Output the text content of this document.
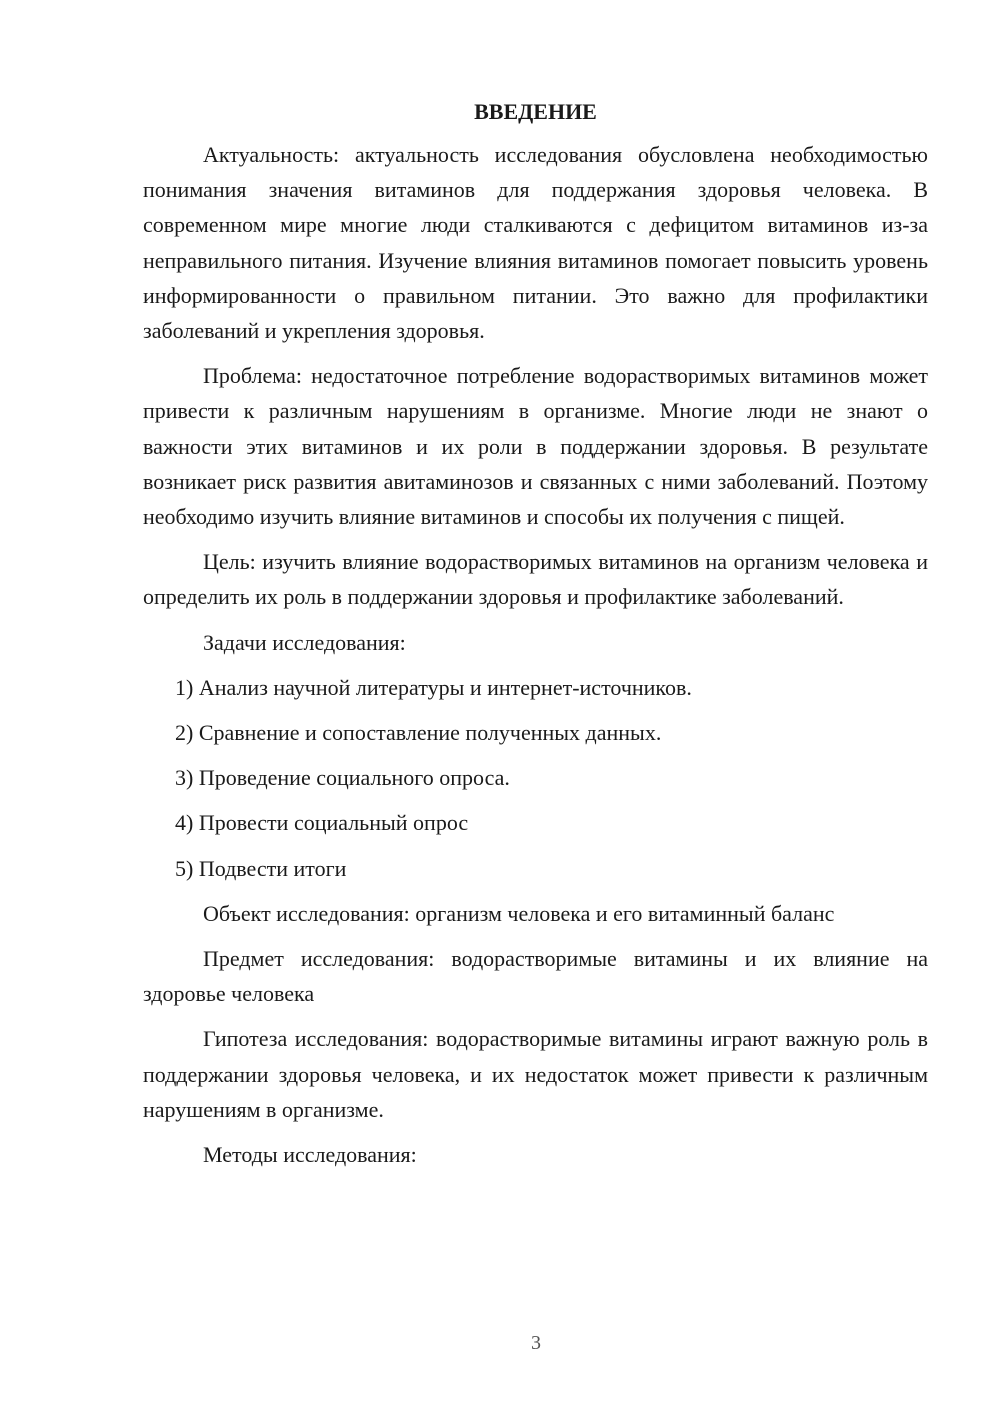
ВВЕДЕНИЕ

Актуальность: актуальность исследования обусловлена необходимостью понимания значения витаминов для поддержания здоровья человека. В современном мире многие люди сталкиваются с дефицитом витаминов из-за неправильного питания. Изучение влияния витаминов помогает повысить уровень информированности о правильном питании. Это важно для профилактики заболеваний и укрепления здоровья.

Проблема: недостаточное потребление водорастворимых витаминов может привести к различным нарушениям в организме. Многие люди не знают о важности этих витаминов и их роли в поддержании здоровья. В результате возникает риск развития авитаминозов и связанных с ними заболеваний. Поэтому необходимо изучить влияние витаминов и способы их получения с пищей.

Цель: изучить влияние водорастворимых витаминов на организм человека и определить их роль в поддержании здоровья и профилактике заболеваний.

Задачи исследования:

1) Анализ научной литературы и интернет-источников.

2) Сравнение и сопоставление полученных данных.

3) Проведение социального опроса.

4) Провести социальный опрос

5) Подвести итоги

Объект исследования: организм человека и его витаминный баланс

Предмет исследования: водорастворимые витамины и их влияние на здоровье человека

Гипотеза исследования: водорастворимые витамины играют важную роль в поддержании здоровья человека, и их недостаток может привести к различным нарушениям в организме.

Методы исследования:

3
